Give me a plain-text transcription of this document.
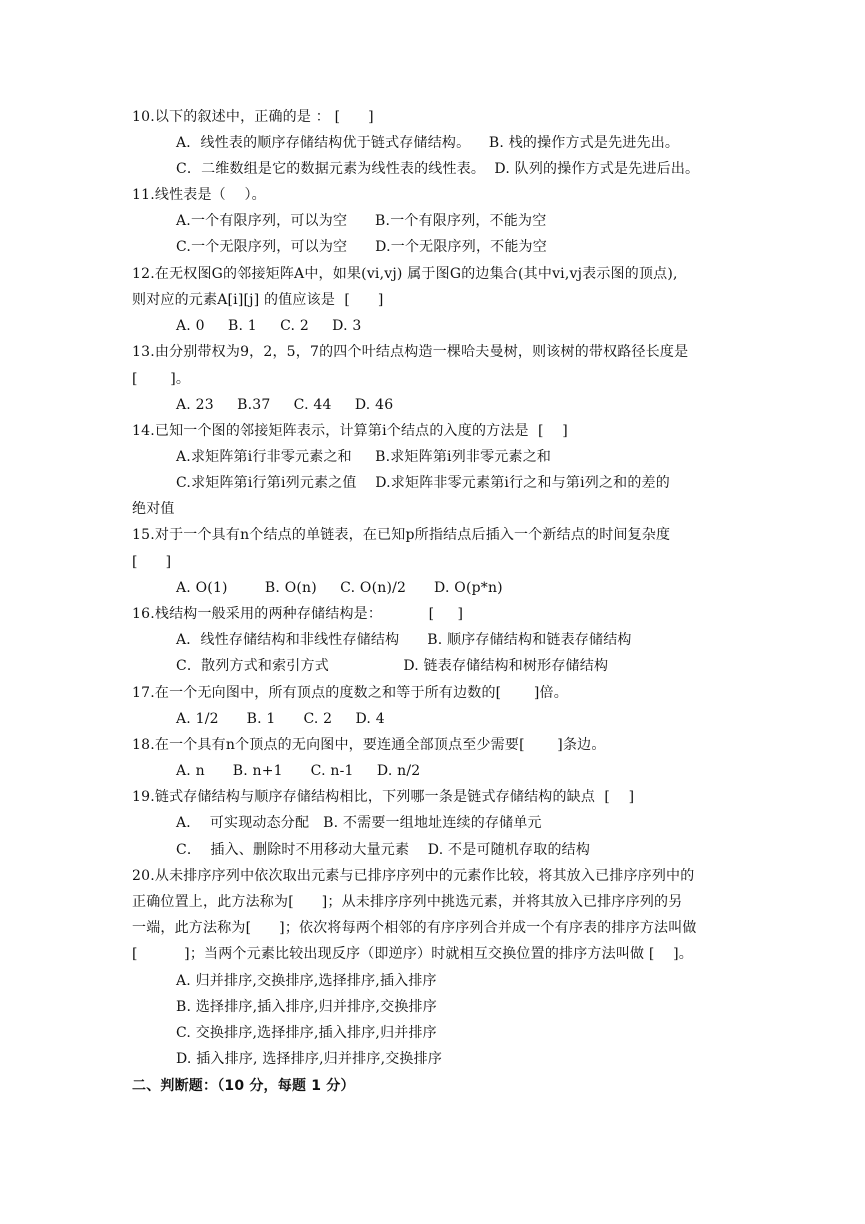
10.以下的叙述中，正确的是 ： [      ]
A．线性表的顺序存储结构优于链式存储结构。    B. 栈的操作方式是先进先出。
C．二维数组是它的数据元素为线性表的线性表。  D. 队列的操作方式是先进后出。
11.线性表是（    ）。
A.一个有限序列，可以为空      B.一个有限序列，不能为空
C.一个无限序列，可以为空      D.一个无限序列，不能为空
12.在无权图G的邻接矩阵A中，如果(vi,vj) 属于图G的边集合(其中vi,vj表示图的顶点),
则对应的元素A[i][j] 的值应该是  [      ]
A. 0     B. 1     C. 2     D. 3
13.由分别带权为9，2，5，7的四个叶结点构造一棵哈夫曼树，则该树的带权路径长度是
[       ]。
A. 23     B.37     C. 44     D. 46
14.已知一个图的邻接矩阵表示，计算第i个结点的入度的方法是  [    ]
A.求矩阵第i行非零元素之和     B.求矩阵第i列非零元素之和
C.求矩阵第i行第i列元素之值    D.求矩阵非零元素第i行之和与第i列之和的差的
绝对值
15.对于一个具有n个结点的单链表，在已知p所指结点后插入一个新结点的时间复杂度
[      ]
A. O(1)        B. O(n)     C. O(n)/2      D. O(p*n)
16.栈结构一般采用的两种存储结构是：          [     ]
A．线性存储结构和非线性存储结构      B. 顺序存储结构和链表存储结构
C．散列方式和索引方式                D. 链表存储结构和树形存储结构
17.在一个无向图中，所有顶点的度数之和等于所有边数的[       ]倍。
A. 1/2      B. 1      C. 2     D. 4
18.在一个具有n个顶点的无向图中，要连通全部顶点至少需要[       ]条边。
A. n      B. n+1      C. n-1     D. n/2
19.链式存储结构与顺序存储结构相比，下列哪一条是链式存储结构的缺点  [    ]
A．  可实现动态分配   B. 不需要一组地址连续的存储单元
C．  插入、删除时不用移动大量元素    D. 不是可随机存取的结构
20.从未排序序列中依次取出元素与已排序序列中的元素作比较，将其放入已排序序列中的
正确位置上，此方法称为[      ]；从未排序序列中挑选元素，并将其放入已排序序列的另
一端，此方法称为[      ]；依次将每两个相邻的有序序列合并成一个有序表的排序方法叫做
[          ]；当两个元素比较出现反序（即逆序）时就相互交换位置的排序方法叫做 [    ]。
A. 归并排序,交换排序,选择排序,插入排序
B. 选择排序,插入排序,归并排序,交换排序
C. 交换排序,选择排序,插入排序,归并排序
D. 插入排序, 选择排序,归并排序,交换排序
二、判断题：（10 分，每题 1 分）
